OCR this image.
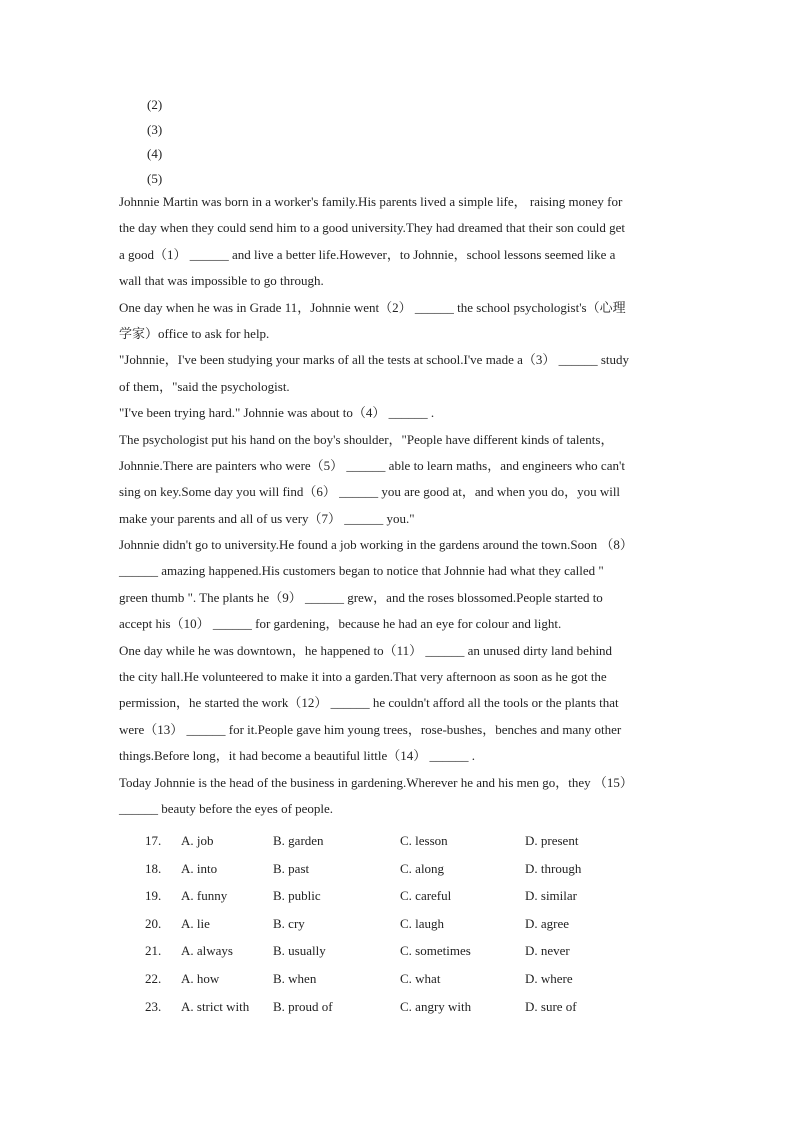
(2)
(3)
(4)
(5)
Johnnie Martin was born in a worker's family.His parents lived a simple life， raising money for
the day when they could send him to a good university.They had dreamed that their son could get
a good（1） ______ and live a better life.However，to Johnnie，school lessons seemed like a
wall that was impossible to go through.
One day when he was in Grade 11，Johnnie went（2） ______ the school psychologist's（心理
学家）office to ask for help.
"Johnnie，I've been studying your marks of all the tests at school.I've made a（3） ______ study
of them，"said the psychologist.
"I've been trying hard." Johnnie was about to（4） ______ .
The psychologist put his hand on the boy's shoulder，"People have different kinds of talents，
Johnnie.There are painters who were（5） ______ able to learn maths，and engineers who can't
sing on key.Some day you will find（6） ______ you are good at，and when you do，you will
make your parents and all of us very（7） ______ you."
Johnnie didn't go to university.He found a job working in the gardens around the town.Soon （8）
______ amazing happened.His customers began to notice that Johnnie had what they called "
green thumb ". The plants he（9） ______ grew，and the roses blossomed.People started to
accept his（10） ______ for gardening，because he had an eye for colour and light.
One day while he was downtown，he happened to（11） ______ an unused dirty land behind
the city hall.He volunteered to make it into a garden.That very afternoon as soon as he got the
permission，he started the work（12） ______ he couldn't afford all the tools or the plants that
were（13） ______ for it.People gave him young trees，rose-bushes，benches and many other
things.Before long，it had become a beautiful little（14） ______ .
Today Johnnie is the head of the business in gardening.Wherever he and his men go，they （15）
______ beauty before the eyes of people.
17. A. job	B. garden	C. lesson	D. present
18. A. into	B. past	C. along	D. through
19. A. funny	B. public	C. careful	D. similar
20. A. lie	B. cry	C. laugh	D. agree
21. A. always	B. usually	C. sometimes	D. never
22. A. how	B. when	C. what	D. where
23. A. strict with B. proud of	C. angry with	D. sure of
